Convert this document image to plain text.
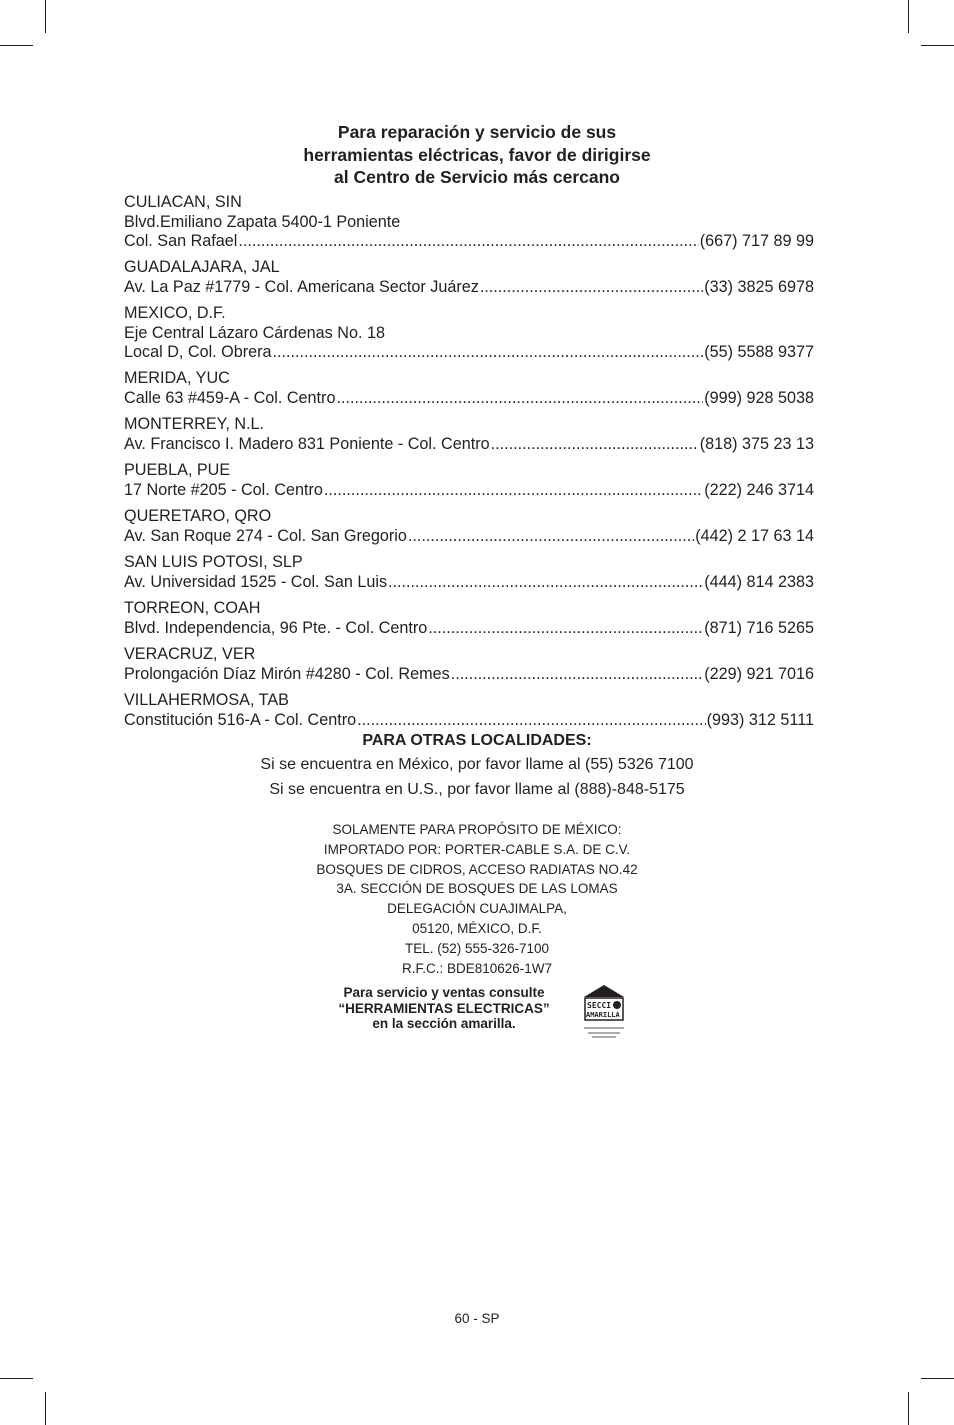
Para reparación y servicio de sus
herramientas eléctricas, favor de dirigirse
al Centro de Servicio más cercano
CULIACAN, SIN
Blvd.Emiliano Zapata 5400-1 Poniente
Col. San Rafael .....	(667) 717 89 99
GUADALAJARA, JAL
Av. La Paz #1779 - Col. Americana Sector Juárez .....	(33) 3825 6978
MEXICO, D.F.
Eje Central Lázaro Cárdenas No. 18
Local D, Col. Obrera .....	(55) 5588 9377
MERIDA, YUC
Calle 63 #459-A - Col. Centro .....	(999) 928 5038
MONTERREY, N.L.
Av. Francisco I. Madero 831 Poniente - Col. Centro .....	(818) 375 23 13
PUEBLA, PUE
17 Norte #205 - Col. Centro .....	(222) 246 3714
QUERETARO, QRO
Av. San Roque 274 - Col. San Gregorio .....	(442) 2 17 63 14
SAN LUIS POTOSI, SLP
Av. Universidad 1525 - Col. San Luis .....	(444) 814 2383
TORREON, COAH
Blvd. Independencia, 96 Pte. - Col. Centro .....	(871) 716 5265
VERACRUZ, VER
Prolongación Díaz Mirón #4280 - Col. Remes .....	(229) 921 7016
VILLAHERMOSA, TAB
Constitución 516-A - Col. Centro .....	(993) 312 5111
PARA OTRAS LOCALIDADES:
Si se encuentra en México, por favor llame al (55) 5326 7100
Si se encuentra en U.S., por favor llame al (888)-848-5175
SOLAMENTE PARA PROPÓSITO DE MÉXICO:
IMPORTADO POR: PORTER-CABLE S.A. DE C.V.
BOSQUES DE CIDROS, ACCESO RADIATAS NO.42
3A. SECCIÓN DE BOSQUES DE LAS LOMAS
DELEGACIÓN CUAJIMALPA,
05120, MÉXICO, D.F.
TEL. (52) 555-326-7100
R.F.C.: BDE810626-1W7
Para servicio y ventas consulte
“HERRAMIENTAS ELECTRICAS”
en la sección amarilla.
SECCI
AMARILLA
60 - SP
